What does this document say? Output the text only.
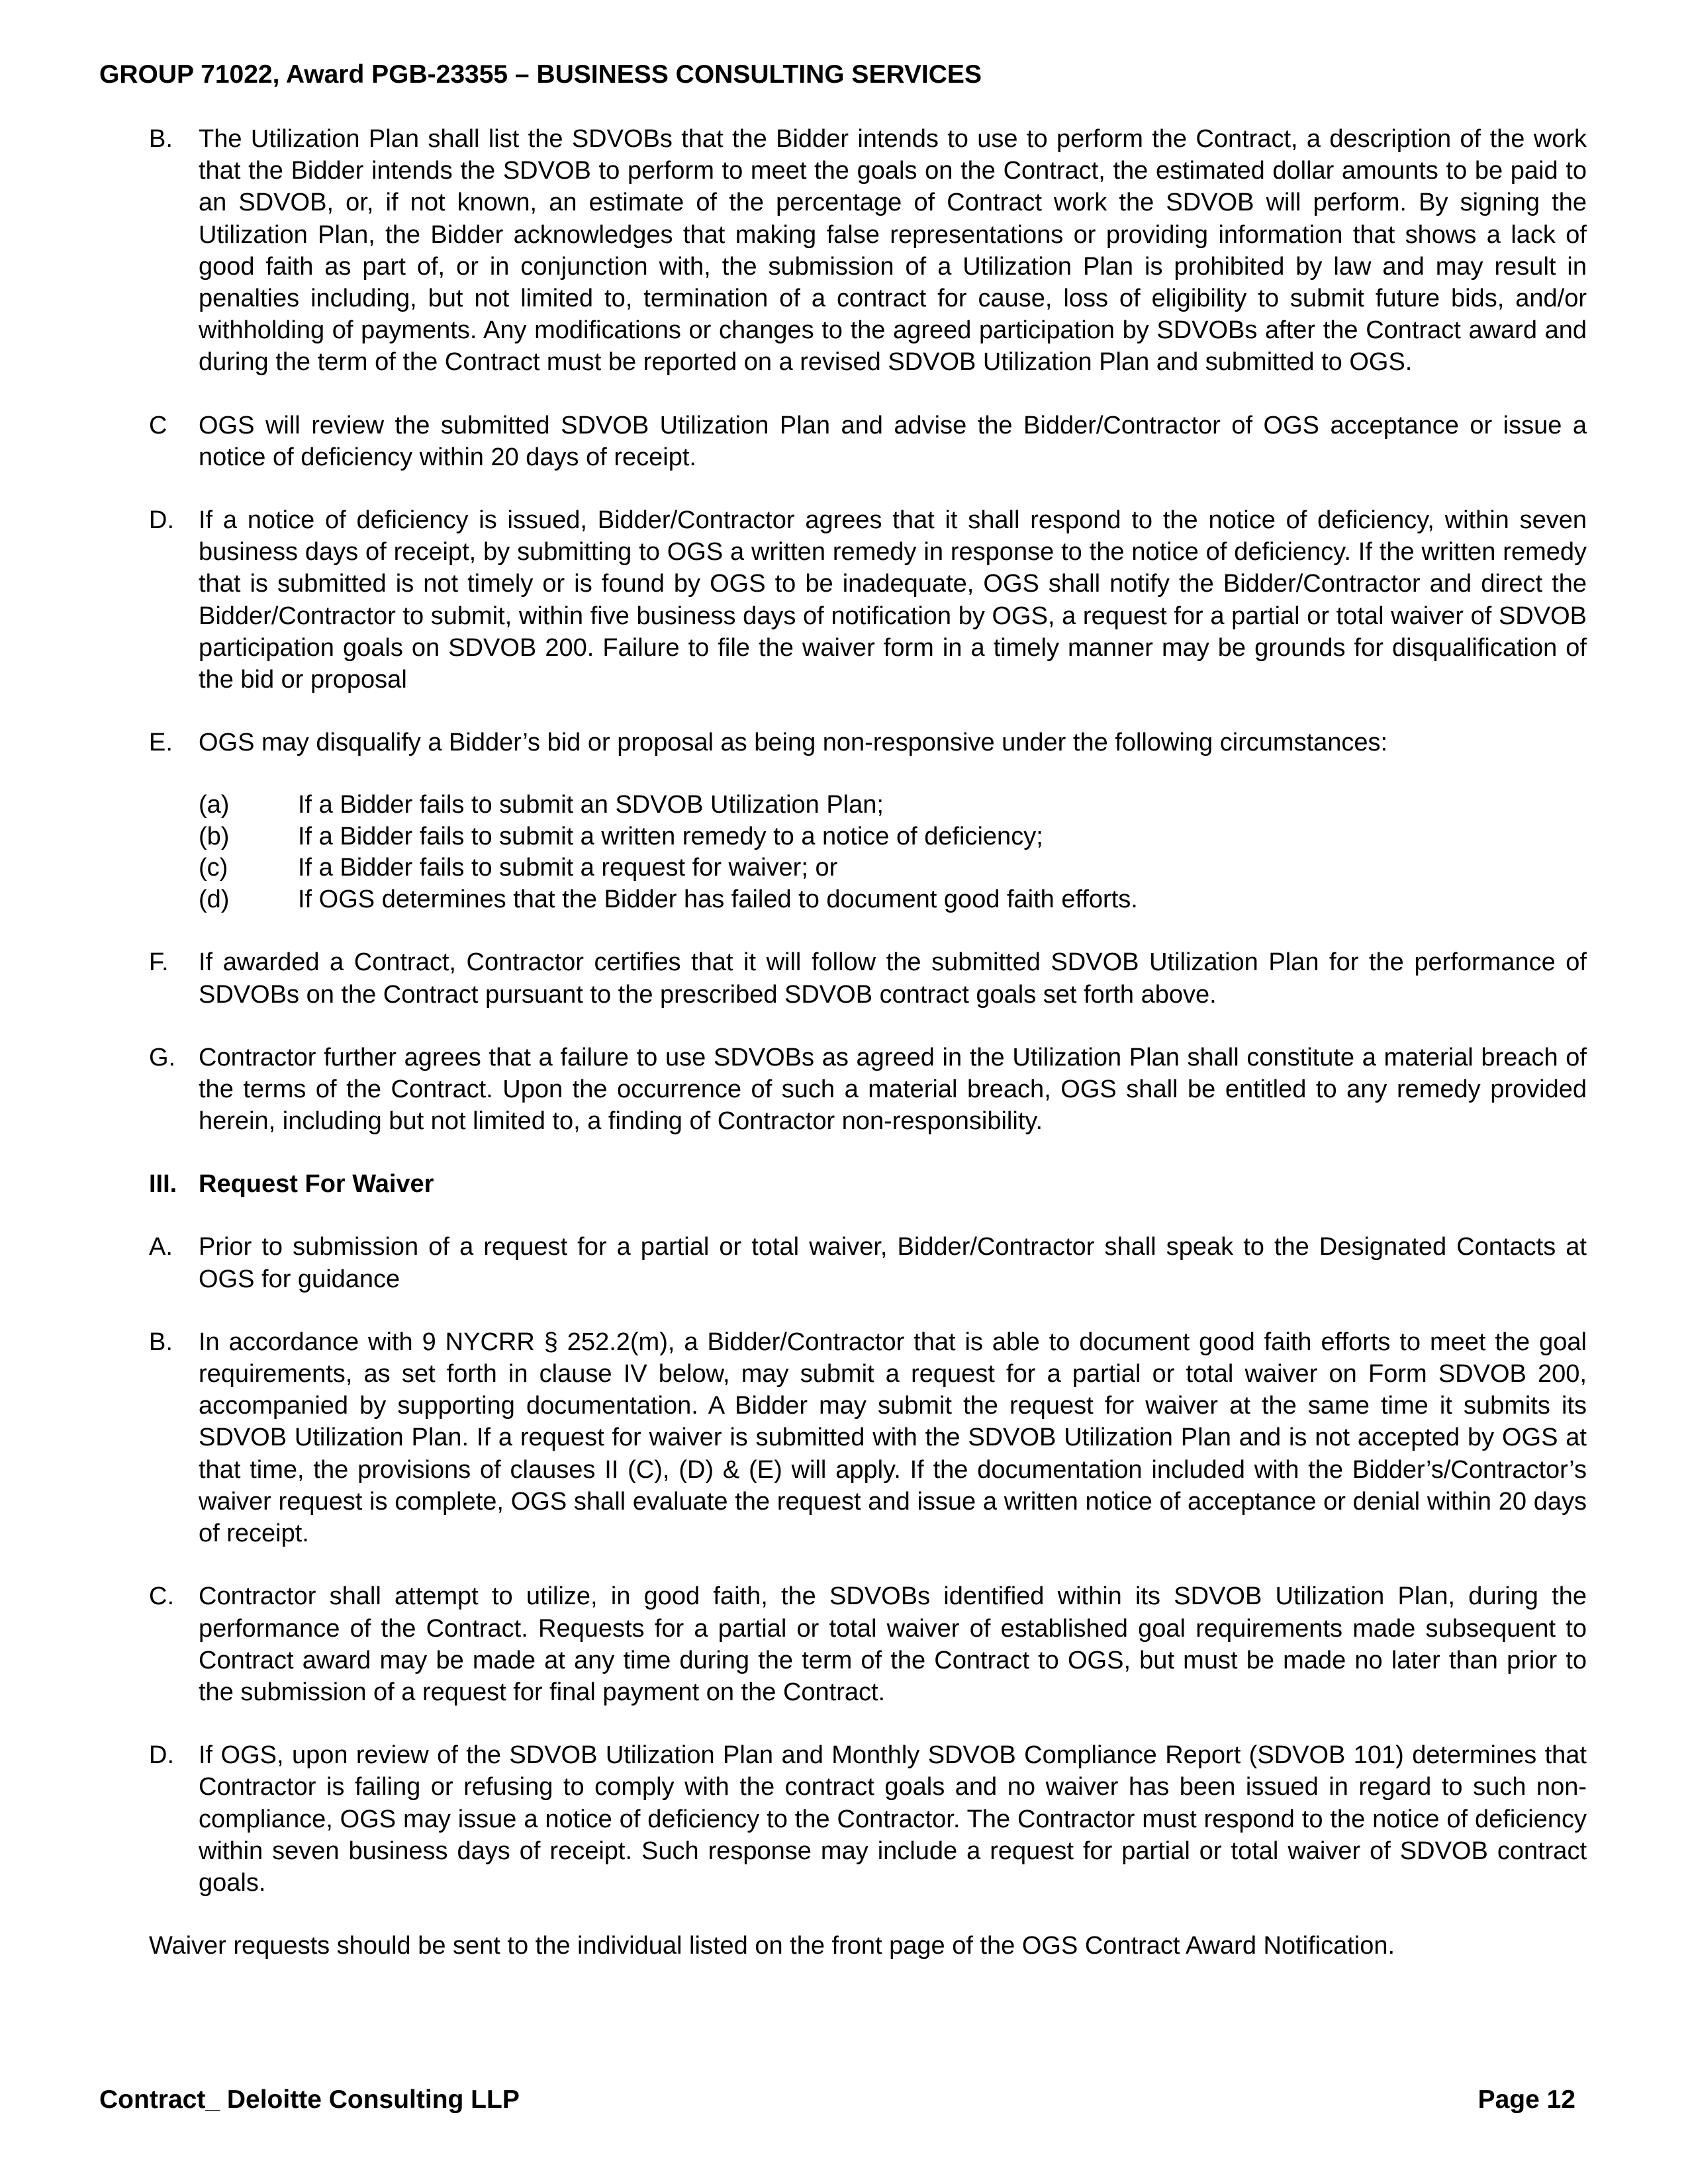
GROUP 71022, Award PGB-23355 – BUSINESS CONSULTING SERVICES
B. The Utilization Plan shall list the SDVOBs that the Bidder intends to use to perform the Contract, a description of the work that the Bidder intends the SDVOB to perform to meet the goals on the Contract, the estimated dollar amounts to be paid to an SDVOB, or, if not known, an estimate of the percentage of Contract work the SDVOB will perform. By signing the Utilization Plan, the Bidder acknowledges that making false representations or providing information that shows a lack of good faith as part of, or in conjunction with, the submission of a Utilization Plan is prohibited by law and may result in penalties including, but not limited to, termination of a contract for cause, loss of eligibility to submit future bids, and/or withholding of payments. Any modifications or changes to the agreed participation by SDVOBs after the Contract award and during the term of the Contract must be reported on a revised SDVOB Utilization Plan and submitted to OGS.
C OGS will review the submitted SDVOB Utilization Plan and advise the Bidder/Contractor of OGS acceptance or issue a notice of deficiency within 20 days of receipt.
D. If a notice of deficiency is issued, Bidder/Contractor agrees that it shall respond to the notice of deficiency, within seven business days of receipt, by submitting to OGS a written remedy in response to the notice of deficiency. If the written remedy that is submitted is not timely or is found by OGS to be inadequate, OGS shall notify the Bidder/Contractor and direct the Bidder/Contractor to submit, within five business days of notification by OGS, a request for a partial or total waiver of SDVOB participation goals on SDVOB 200. Failure to file the waiver form in a timely manner may be grounds for disqualification of the bid or proposal
E. OGS may disqualify a Bidder’s bid or proposal as being non-responsive under the following circumstances:
(a)	If a Bidder fails to submit an SDVOB Utilization Plan;
(b)	If a Bidder fails to submit a written remedy to a notice of deficiency;
(c)	If a Bidder fails to submit a request for waiver; or
(d)	If OGS determines that the Bidder has failed to document good faith efforts.
F. If awarded a Contract, Contractor certifies that it will follow the submitted SDVOB Utilization Plan for the performance of SDVOBs on the Contract pursuant to the prescribed SDVOB contract goals set forth above.
G. Contractor further agrees that a failure to use SDVOBs as agreed in the Utilization Plan shall constitute a material breach of the terms of the Contract. Upon the occurrence of such a material breach, OGS shall be entitled to any remedy provided herein, including but not limited to, a finding of Contractor non-responsibility.
III. Request For Waiver
A. Prior to submission of a request for a partial or total waiver, Bidder/Contractor shall speak to the Designated Contacts at OGS for guidance
B. In accordance with 9 NYCRR § 252.2(m), a Bidder/Contractor that is able to document good faith efforts to meet the goal requirements, as set forth in clause IV below, may submit a request for a partial or total waiver on Form SDVOB 200, accompanied by supporting documentation. A Bidder may submit the request for waiver at the same time it submits its SDVOB Utilization Plan. If a request for waiver is submitted with the SDVOB Utilization Plan and is not accepted by OGS at that time, the provisions of clauses II (C), (D) & (E) will apply. If the documentation included with the Bidder’s/Contractor’s waiver request is complete, OGS shall evaluate the request and issue a written notice of acceptance or denial within 20 days of receipt.
C. Contractor shall attempt to utilize, in good faith, the SDVOBs identified within its SDVOB Utilization Plan, during the performance of the Contract. Requests for a partial or total waiver of established goal requirements made subsequent to Contract award may be made at any time during the term of the Contract to OGS, but must be made no later than prior to the submission of a request for final payment on the Contract.
D. If OGS, upon review of the SDVOB Utilization Plan and Monthly SDVOB Compliance Report (SDVOB 101) determines that Contractor is failing or refusing to comply with the contract goals and no waiver has been issued in regard to such non-compliance, OGS may issue a notice of deficiency to the Contractor. The Contractor must respond to the notice of deficiency within seven business days of receipt. Such response may include a request for partial or total waiver of SDVOB contract goals.
Waiver requests should be sent to the individual listed on the front page of the OGS Contract Award Notification.
Contract_ Deloitte Consulting LLP	Page 12
